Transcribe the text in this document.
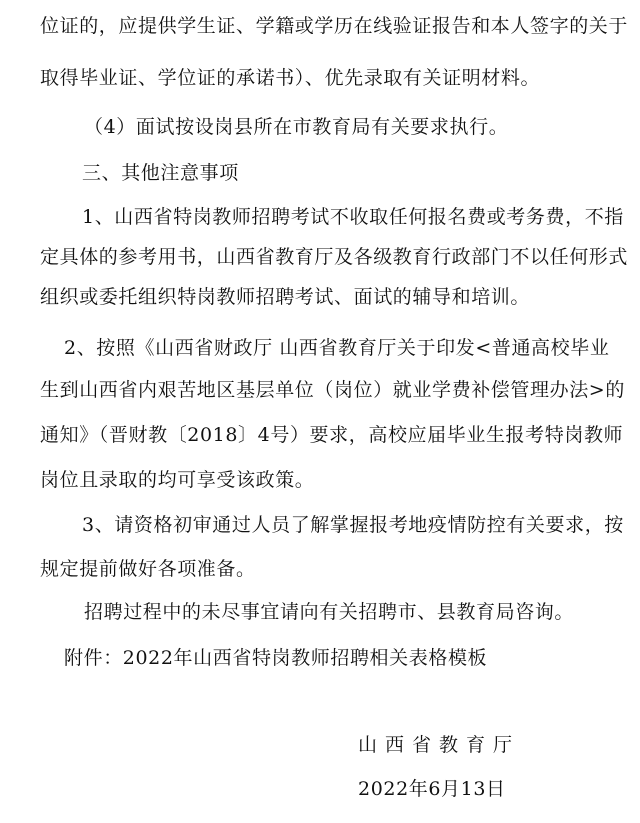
位证的，应提供学生证、学籍或学历在线验证报告和本人签字的关于
取得毕业证、学位证的承诺书）、优先录取有关证明材料。
（4）面试按设岗县所在市教育局有关要求执行。
三、其他注意事项
1、山西省特岗教师招聘考试不收取任何报名费或考务费，不指
定具体的参考用书，山西省教育厅及各级教育行政部门不以任何形式
组织或委托组织特岗教师招聘考试、面试的辅导和培训。
2、按照《山西省财政厅 山西省教育厅关于印发<普通高校毕业
生到山西省内艰苦地区基层单位（岗位）就业学费补偿管理办法>的
通知》（晋财教〔2018〕4号）要求，高校应届毕业生报考特岗教师
岗位且录取的均可享受该政策。
3、请资格初审通过人员了解掌握报考地疫情防控有关要求，按
规定提前做好各项准备。
招聘过程中的未尽事宜请向有关招聘市、县教育局咨询。
附件：2022年山西省特岗教师招聘相关表格模板
山西省教育厅
2022年6月13日
